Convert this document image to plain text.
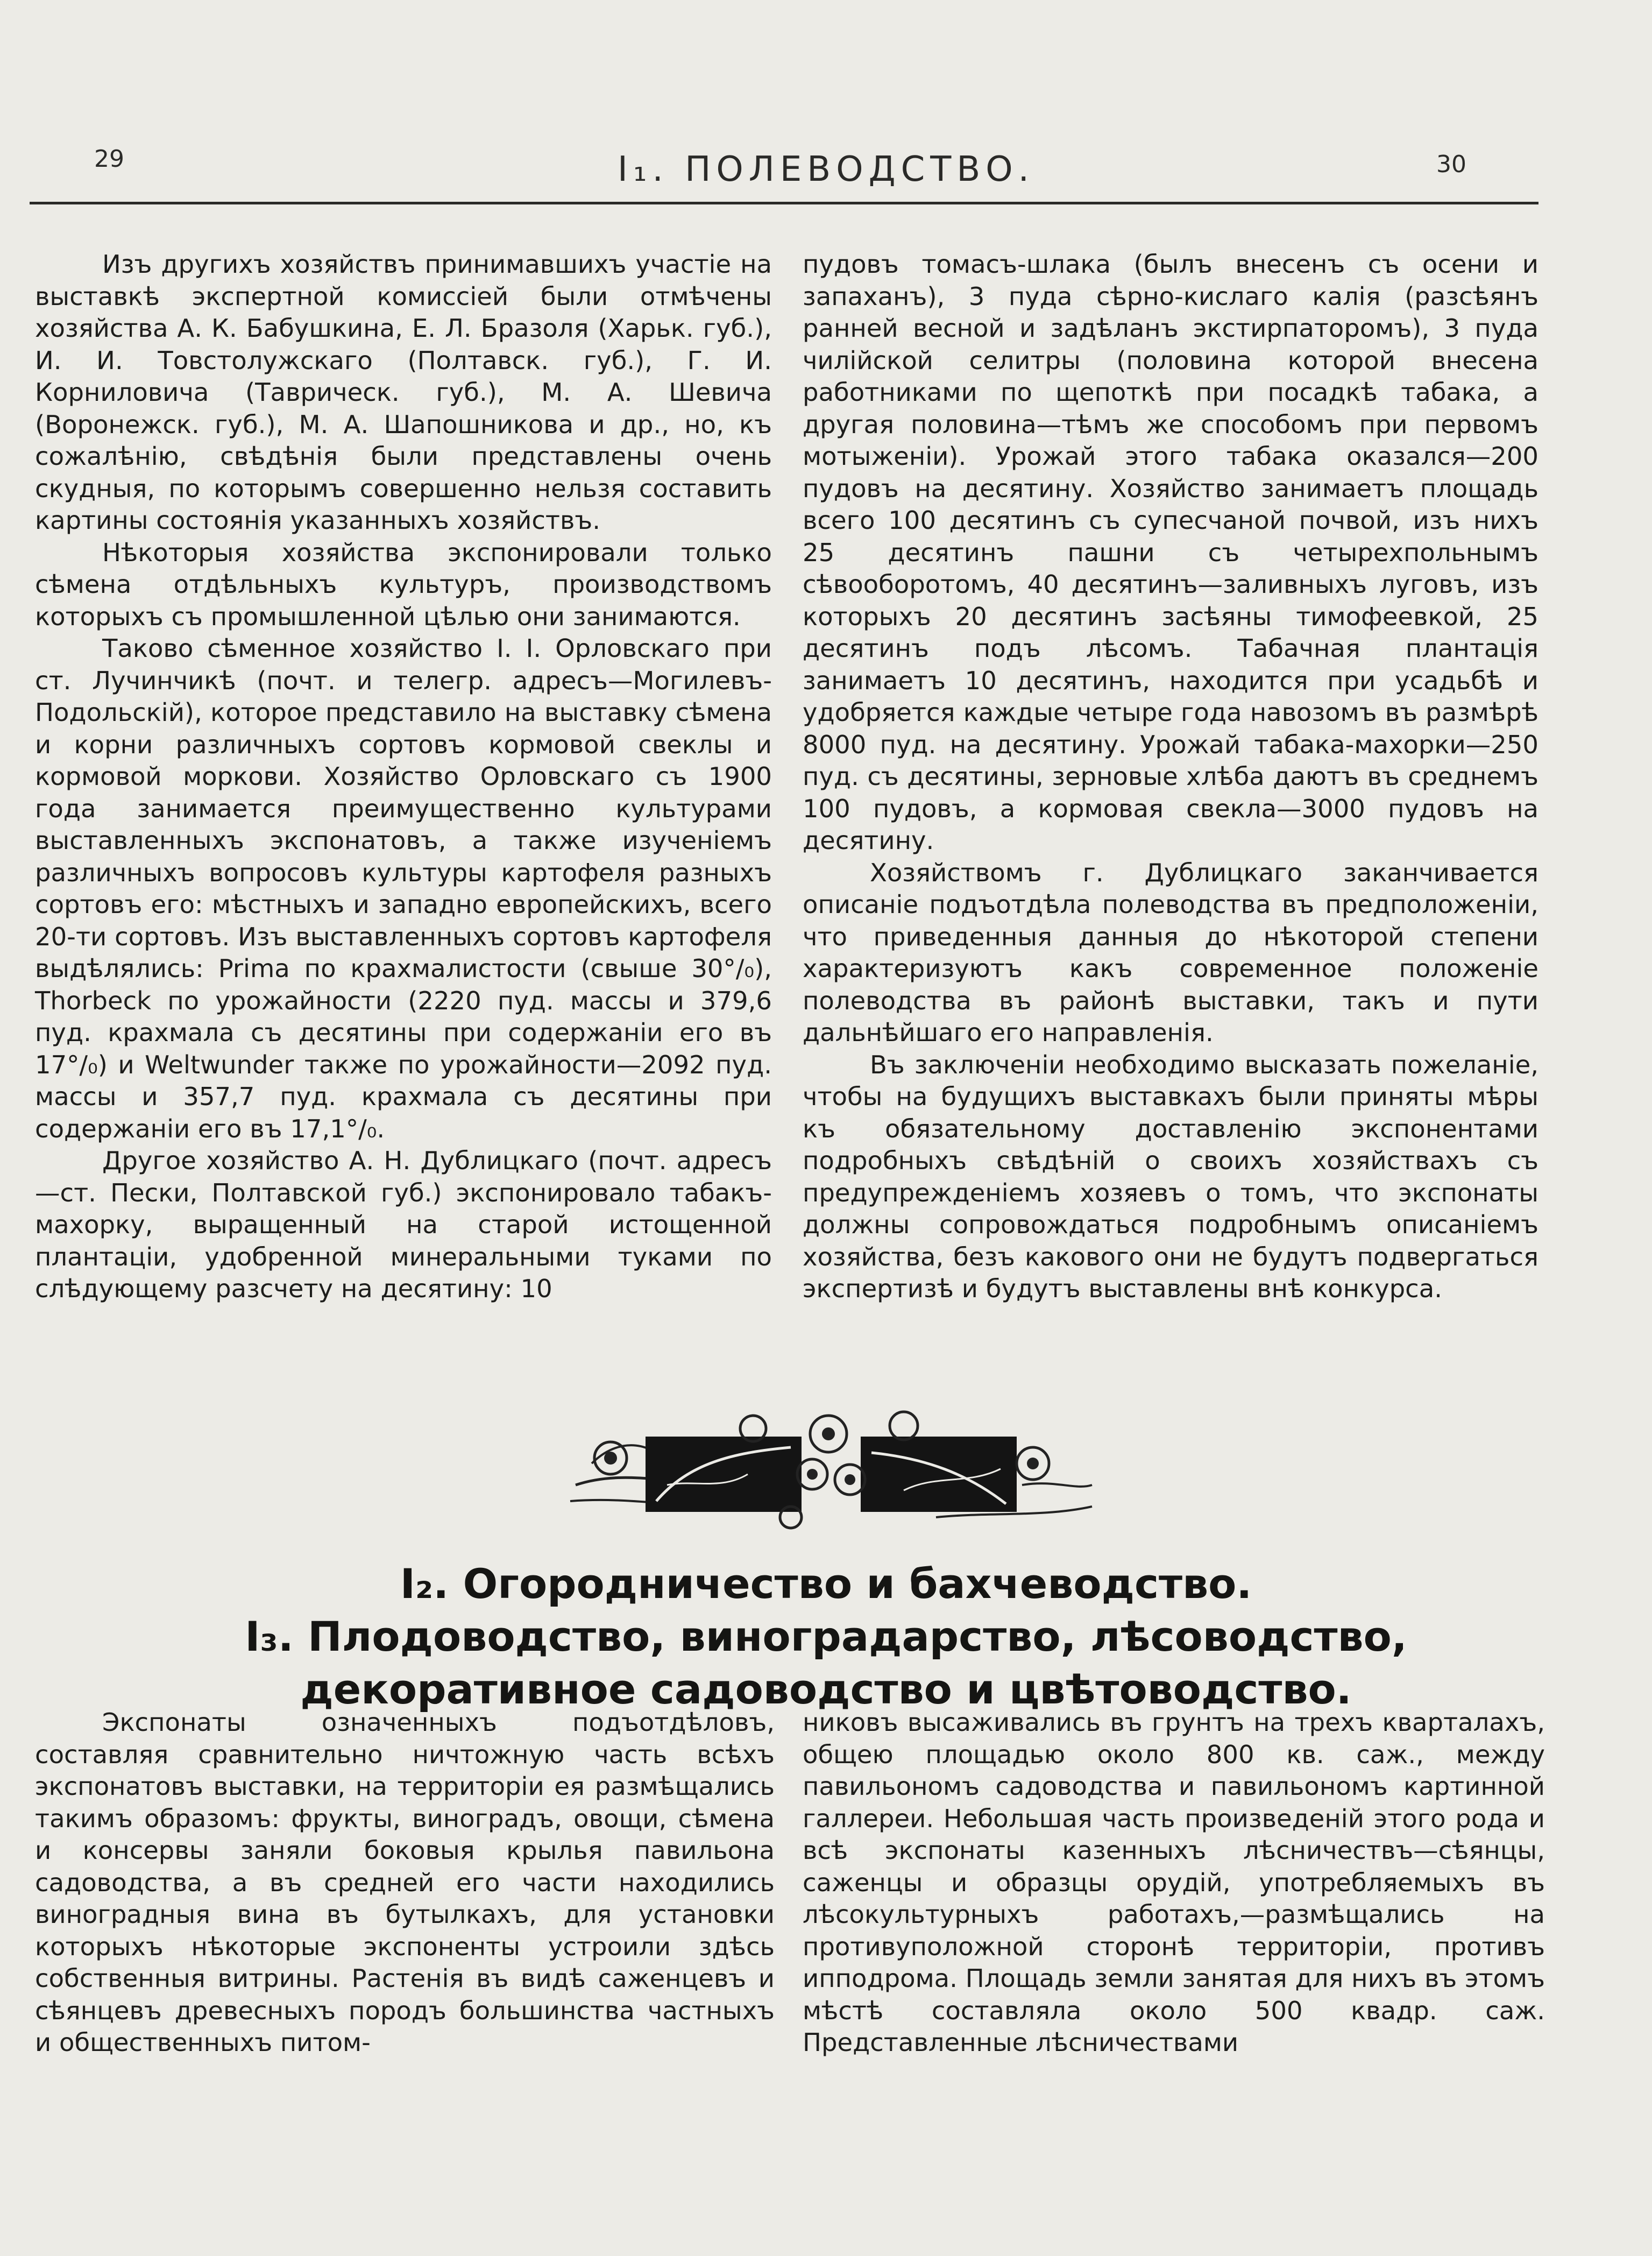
29	I₁. ПОЛЕВОДСТВО.	30

Изъ другихъ хозяйствъ принимавшихъ участіе на выставкѣ экспертной комиссіей были отмѣчены хозяйства А. К. Бабушкина, Е. Л. Бразоля (Харьк. губ.), И. И. Товстолужскаго (Полтавск. губ.), Г. И. Корниловича (Таврическ. губ.), М. А. Шевича (Воронежск. губ.), М. А. Шапошникова и др., но, къ сожалѣнію, свѣдѣнія были представлены очень скудныя, по которымъ совершенно нельзя составить картины состоянія указанныхъ хозяйствъ.

Нѣкоторыя хозяйства экспонировали только сѣмена отдѣльныхъ культуръ, производствомъ которыхъ съ промышленной цѣлью они занимаются.

Таково сѣменное хозяйство І. І. Орловскаго при ст. Лучинчикѣ (почт. и телегр. адресъ—Могилевъ-Подольскій), которое представило на выставку сѣмена и корни различныхъ сортовъ кормовой свеклы и кормовой моркови. Хозяйство Орловскаго съ 1900 года занимается преимущественно культурами выставленныхъ экспонатовъ, а также изученіемъ различныхъ вопросовъ культуры картофеля разныхъ сортовъ его: мѣстныхъ и западно европейскихъ, всего 20-ти сортовъ. Изъ выставленныхъ сортовъ картофеля выдѣлялись: Prima по крахмалистости (свыше 30°/₀), Thorbeck по урожайности (2220 пуд. массы и 379,6 пуд. крахмала съ десятины при содержаніи его въ 17°/₀) и Weltwunder также по урожайности—2092 пуд. массы и 357,7 пуд. крахмала съ десятины при содержаніи его въ 17,1°/₀.

Другое хозяйство А. Н. Дублицкаго (почт. адресъ—ст. Пески, Полтавской губ.) экспонировало табакъ-махорку, выращенный на старой истощенной плантаціи, удобренной минеральными туками по слѣдующему разсчету на десятину: 10

пудовъ томасъ-шлака (былъ внесенъ съ осени и запаханъ), 3 пуда сѣрно-кислаго калія (разсѣянъ ранней весной и задѣланъ экстирпаторомъ), 3 пуда чилійской селитры (половина которой внесена работниками по щепоткѣ при посадкѣ табака, а другая половина—тѣмъ же способомъ при первомъ мотыженіи). Урожай этого табака оказался—200 пудовъ на десятину. Хозяйство занимаетъ площадь всего 100 десятинъ съ супесчаной почвой, изъ нихъ 25 десятинъ пашни съ четырехпольнымъ сѣвооборотомъ, 40 десятинъ—заливныхъ луговъ, изъ которыхъ 20 десятинъ засѣяны тимофеевкой, 25 десятинъ подъ лѣсомъ. Табачная плантація занимаетъ 10 десятинъ, находится при усадьбѣ и удобряется каждые четыре года навозомъ въ размѣрѣ 8000 пуд. на десятину. Урожай табака-махорки—250 пуд. съ десятины, зерновые хлѣба даютъ въ среднемъ 100 пудовъ, а кормовая свекла—3000 пудовъ на десятину.

Хозяйствомъ г. Дублицкаго заканчивается описаніе подъотдѣла полеводства въ предположеніи, что приведенныя данныя до нѣкоторой степени характеризуютъ какъ современное положеніе полеводства въ районѣ выставки, такъ и пути дальнѣйшаго его направленія.

Въ заключеніи необходимо высказать пожеланіе, чтобы на будущихъ выставкахъ были приняты мѣры къ обязательному доставленію экспонентами подробныхъ свѣдѣній о своихъ хозяйствахъ съ предупрежденіемъ хозяевъ о томъ, что экспонаты должны сопровождаться подробнымъ описаніемъ хозяйства, безъ какового они не будутъ подвергаться экспертизѣ и будутъ выставлены внѣ конкурса.

I₂. Огородничество и бахчеводство.
I₃. Плодоводство, виноградарство, лѣсоводство,
декоративное садоводство и цвѣтоводство.

Экспонаты означенныхъ подъотдѣловъ, составляя сравнительно ничтожную часть всѣхъ экспонатовъ выставки, на территоріи ея размѣщались такимъ образомъ: фрукты, виноградъ, овощи, сѣмена и консервы заняли боковыя крылья павильона садоводства, а въ средней его части находились виноградныя вина въ бутылкахъ, для установки которыхъ нѣкоторые экспоненты устроили здѣсь собственныя витрины. Растенія въ видѣ саженцевъ и сѣянцевъ древесныхъ породъ большинства частныхъ и общественныхъ питом-

никовъ высаживались въ грунтъ на трехъ кварталахъ, общею площадью около 800 кв. саж., между павильономъ садоводства и павильономъ картинной галлереи. Небольшая часть произведеній этого рода и всѣ экспонаты казенныхъ лѣсничествъ—сѣянцы, саженцы и образцы орудій, употребляемыхъ въ лѣсокультурныхъ работахъ,—размѣщались на противуположной сторонѣ территоріи, противъ ипподрома. Площадь земли занятая для нихъ въ этомъ мѣстѣ составляла около 500 квадр. саж. Представленные лѣсничествами
